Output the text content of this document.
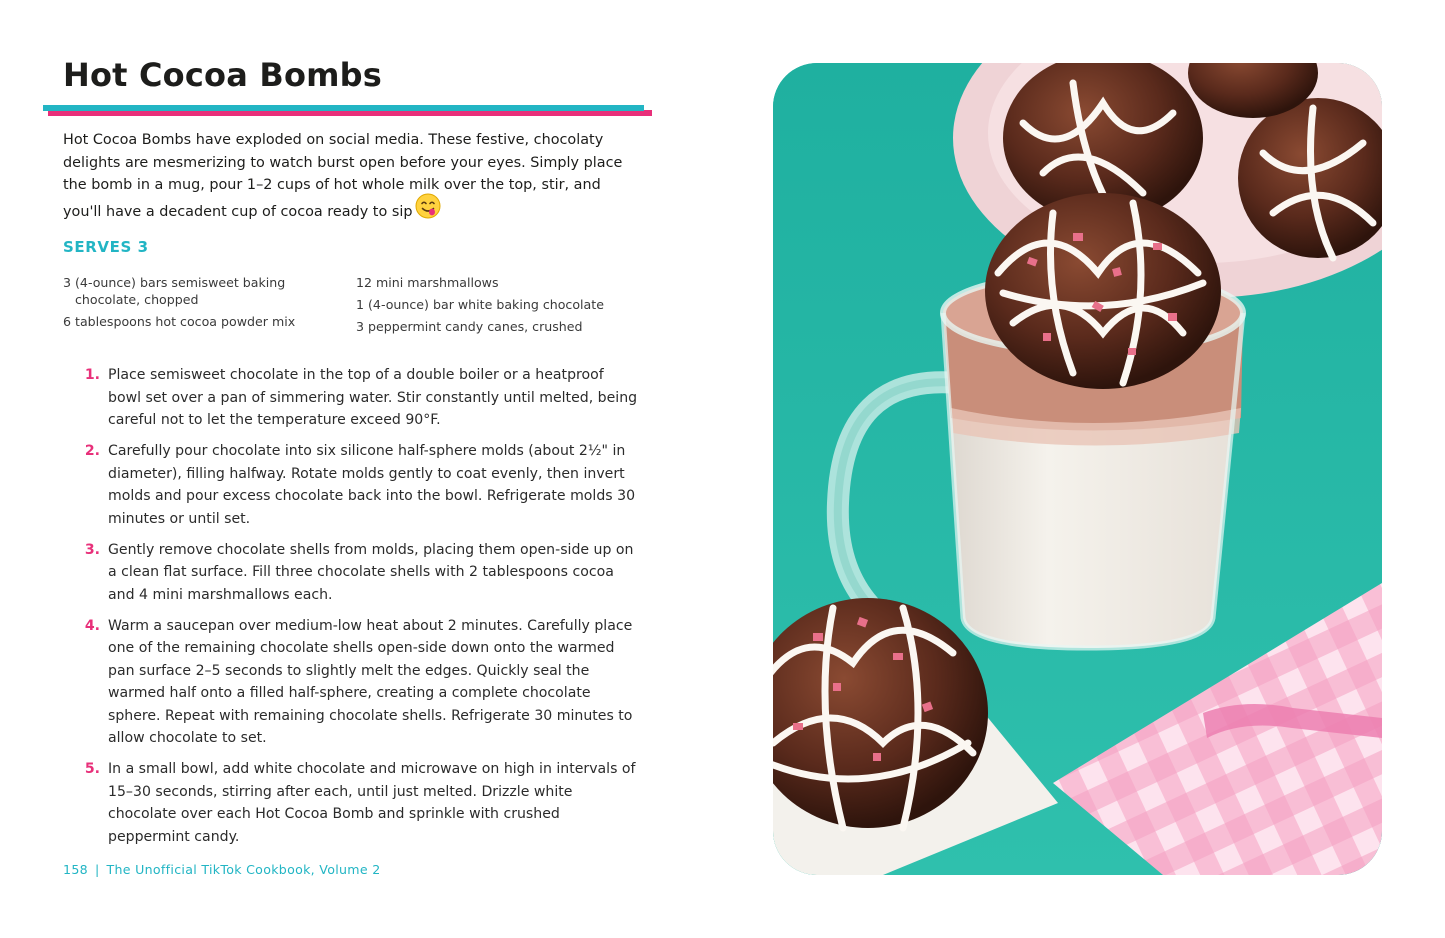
Hot Cocoa Bombs

Hot Cocoa Bombs have exploded on social media. These festive, chocolaty delights are mesmerizing to watch burst open before your eyes. Simply place the bomb in a mug, pour 1–2 cups of hot whole milk over the top, stir, and you'll have a decadent cup of cocoa ready to sip

SERVES 3
3 (4-ounce) bars semisweet baking chocolate, chopped
6 tablespoons hot cocoa powder mix
12 mini marshmallows
1 (4-ounce) bar white baking chocolate
3 peppermint candy canes, crushed
1. Place semisweet chocolate in the top of a double boiler or a heatproof bowl set over a pan of simmering water. Stir constantly until melted, being careful not to let the temperature exceed 90°F.
2. Carefully pour chocolate into six silicone half-sphere molds (about 2½" in diameter), filling halfway. Rotate molds gently to coat evenly, then invert molds and pour excess chocolate back into the bowl. Refrigerate molds 30 minutes or until set.
3. Gently remove chocolate shells from molds, placing them open-side up on a clean flat surface. Fill three chocolate shells with 2 tablespoons cocoa and 4 mini marshmallows each.
4. Warm a saucepan over medium-low heat about 2 minutes. Carefully place one of the remaining chocolate shells open-side down onto the warmed pan surface 2–5 seconds to slightly melt the edges. Quickly seal the warmed half onto a filled half-sphere, creating a complete chocolate sphere. Repeat with remaining chocolate shells. Refrigerate 30 minutes to allow chocolate to set.
5. In a small bowl, add white chocolate and microwave on high in intervals of 15–30 seconds, stirring after each, until just melted. Drizzle white chocolate over each Hot Cocoa Bomb and sprinkle with crushed peppermint candy.
158 | The Unofficial TikTok Cookbook, Volume 2
